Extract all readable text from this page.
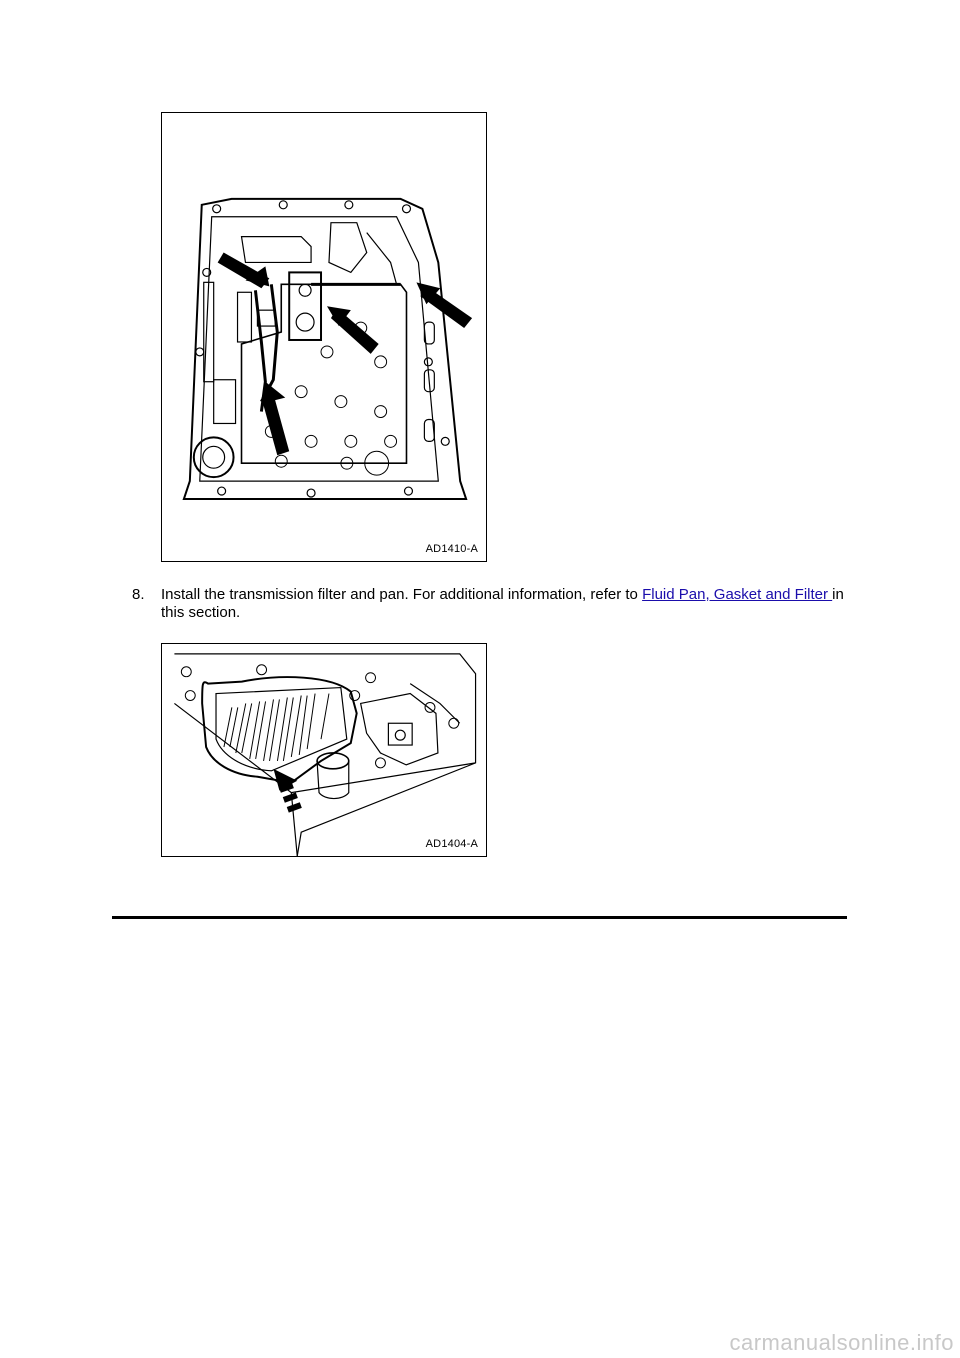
AD1410-A
8. Install the transmission filter and pan. For additional information, refer to Fluid Pan, Gasket and Filter in this section.
AD1404-A
carmanualsonline.info
